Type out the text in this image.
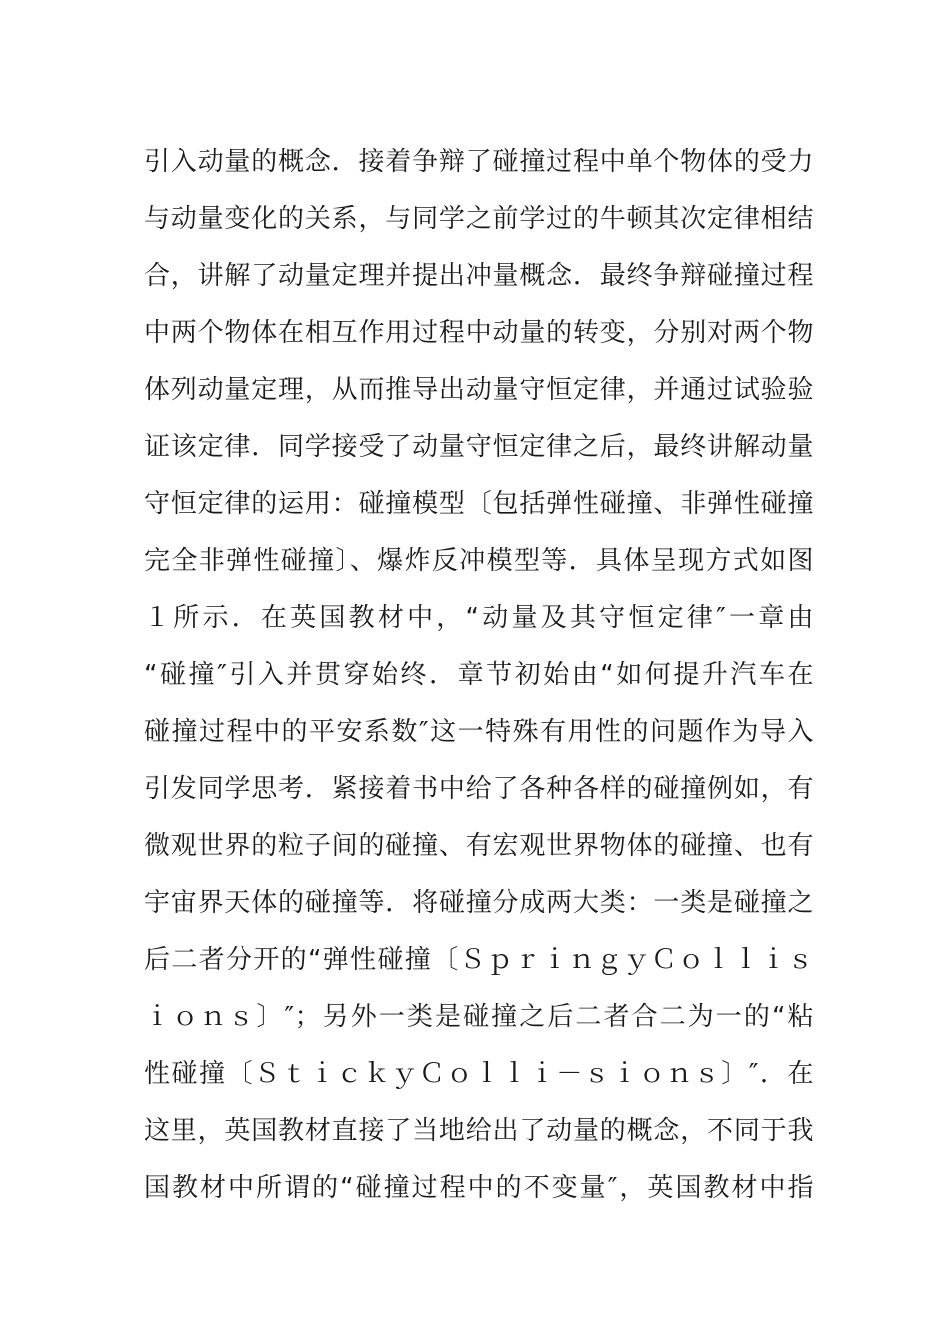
引入动量的概念．接着争辩了碰撞过程中单个物体的受力
与动量变化的关系，与同学之前学过的牛顿其次定律相结
合，讲解了动量定理并提出冲量概念．最终争辩碰撞过程
中两个物体在相互作用过程中动量的转变，分别对两个物
体列动量定理，从而推导出动量守恒定律，并通过试验验
证该定律．同学接受了动量守恒定律之后，最终讲解动量
守恒定律的运用：碰撞模型〔包括弹性碰撞、非弹性碰撞
完全非弹性碰撞〕、爆炸反冲模型等．具体呈现方式如图
１所示．在英国教材中，“动量及其守恒定律″一章由
“碰撞″引入并贯穿始终．章节初始由“如何提升汽车在
碰撞过程中的平安系数″这一特殊有用性的问题作为导入
引发同学思考．紧接着书中给了各种各样的碰撞例如，有
微观世界的粒子间的碰撞、有宏观世界物体的碰撞、也有
宇宙界天体的碰撞等．将碰撞分成两大类：一类是碰撞之
后二者分开的“弹性碰撞〔ＳｐｒｉｎｇｙＣｏｌｌｉｓ
ｉｏｎｓ〕″；另外一类是碰撞之后二者合二为一的“粘
性碰撞〔ＳｔｉｃｋｙＣｏｌｌｉ－ｓｉｏｎｓ〕″．在
这里，英国教材直接了当地给出了动量的概念，不同于我
国教材中所谓的“碰撞过程中的不变量″，英国教材中指
